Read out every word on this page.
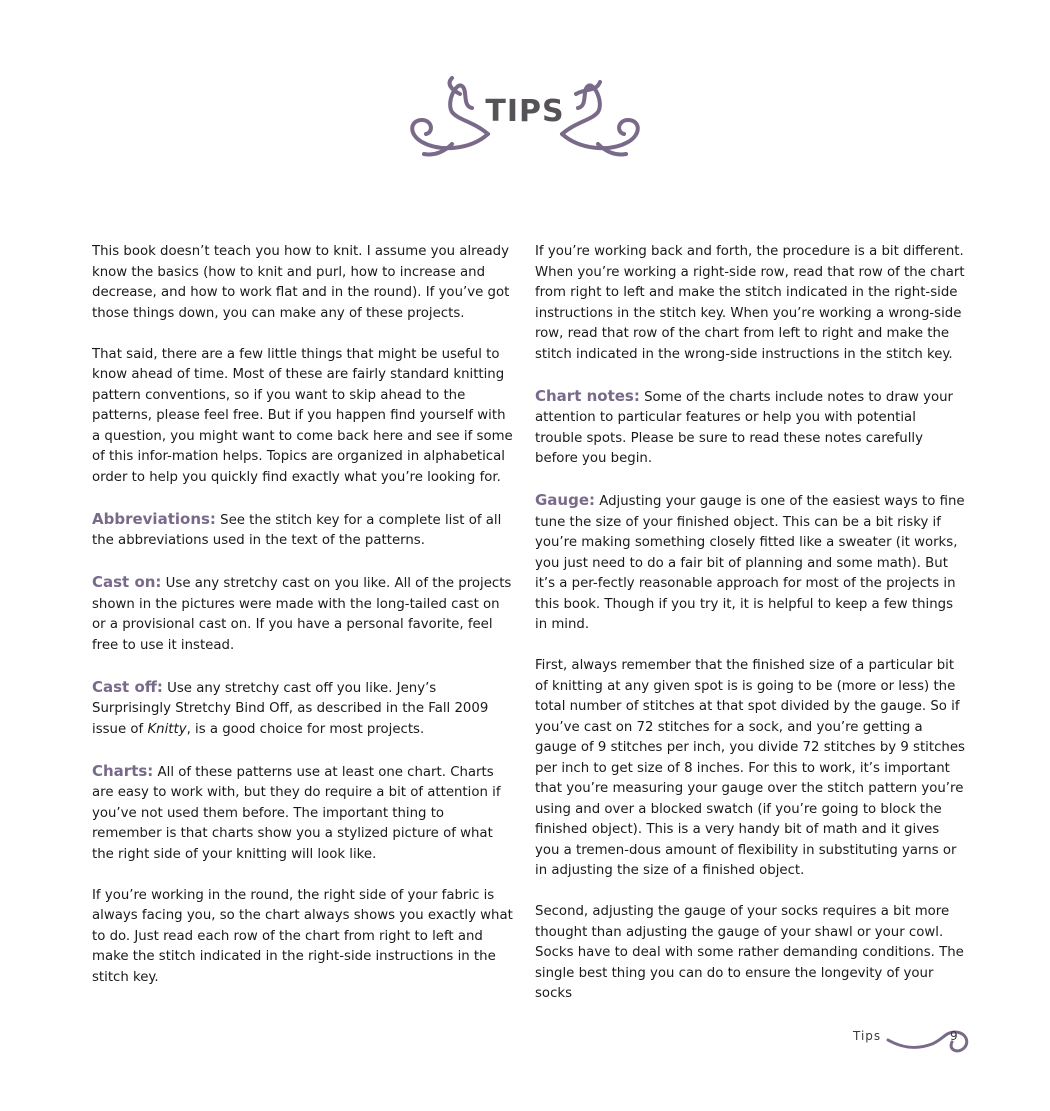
TIPS

This book doesn’t teach you how to knit. I assume you already know the basics (how to knit and purl, how to increase and decrease, and how to work flat and in the round). If you’ve got those things down, you can make any of these projects.

That said, there are a few little things that might be useful to know ahead of time. Most of these are fairly standard knitting pattern conventions, so if you want to skip ahead to the patterns, please feel free. But if you happen find yourself with a question, you might want to come back here and see if some of this infor-mation helps. Topics are organized in alphabetical order to help you quickly find exactly what you’re looking for.

Abbreviations: See the stitch key for a complete list of all the abbreviations used in the text of the patterns.

Cast on: Use any stretchy cast on you like. All of the projects shown in the pictures were made with the long-tailed cast on or a provisional cast on. If you have a personal favorite, feel free to use it instead.

Cast off: Use any stretchy cast off you like. Jeny’s Surprisingly Stretchy Bind Off, as described in the Fall 2009 issue of Knitty, is a good choice for most projects.

Charts: All of these patterns use at least one chart. Charts are easy to work with, but they do require a bit of attention if you’ve not used them before. The important thing to remember is that charts show you a stylized picture of what the right side of your knitting will look like.

If you’re working in the round, the right side of your fabric is always facing you, so the chart always shows you exactly what to do. Just read each row of the chart from right to left and make the stitch indicated in the right-side instructions in the stitch key.

If you’re working back and forth, the procedure is a bit different. When you’re working a right-side row, read that row of the chart from right to left and make the stitch indicated in the right-side instructions in the stitch key. When you’re working a wrong-side row, read that row of the chart from left to right and make the stitch indicated in the wrong-side instructions in the stitch key.

Chart notes: Some of the charts include notes to draw your attention to particular features or help you with potential trouble spots. Please be sure to read these notes carefully before you begin.

Gauge: Adjusting your gauge is one of the easiest ways to fine tune the size of your finished object. This can be a bit risky if you’re making something closely fitted like a sweater (it works, you just need to do a fair bit of planning and some math). But it’s a per-fectly reasonable approach for most of the projects in this book. Though if you try it, it is helpful to keep a few things in mind.

First, always remember that the finished size of a particular bit of knitting at any given spot is is going to be (more or less) the total number of stitches at that spot divided by the gauge. So if you’ve cast on 72 stitches for a sock, and you’re getting a gauge of 9 stitches per inch, you divide 72 stitches by 9 stitches per inch to get size of 8 inches. For this to work, it’s important that you’re measuring your gauge over the stitch pattern you’re using and over a blocked swatch (if you’re going to block the finished object). This is a very handy bit of math and it gives you a tremen-dous amount of flexibility in substituting yarns or in adjusting the size of a finished object.

Second, adjusting the gauge of your socks requires a bit more thought than adjusting the gauge of your shawl or your cowl. Socks have to deal with some rather demanding conditions. The single best thing you can do to ensure the longevity of your socks

Tips	9
